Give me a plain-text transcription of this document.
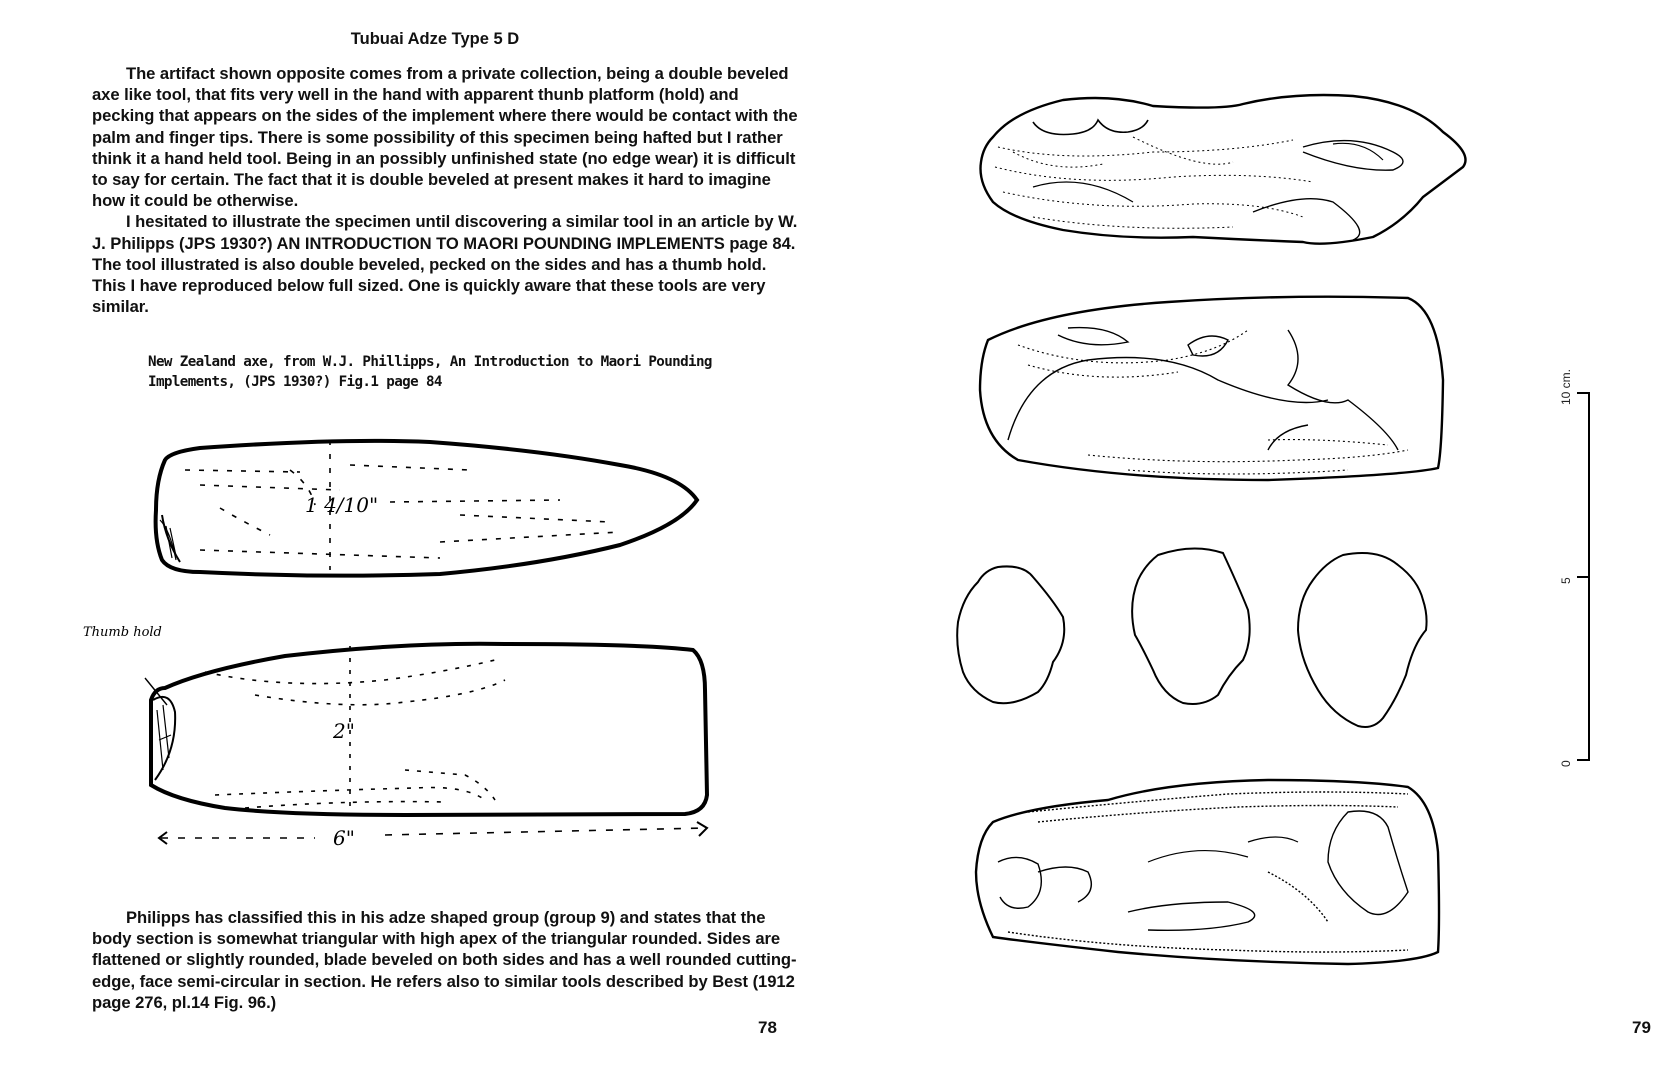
Tubuai Adze Type 5 D

The artifact shown opposite comes from a private collection, being a double beveled axe like tool, that fits very well in the hand with apparent thunb platform (hold) and pecking that appears on the sides of the implement where there would be contact with the palm and finger tips. There is some possibility of this specimen being hafted but I rather think it a hand held tool. Being in an possibly unfinished state (no edge wear) it is difficult to say for certain. The fact that it is double beveled at present makes it hard to imagine how it could be otherwise.

I hesitated to illustrate the specimen until discovering a similar tool in an article by W. J. Philipps (JPS 1930?) AN INTRODUCTION TO MAORI POUNDING IMPLEMENTS page 84. The tool illustrated is also double beveled, pecked on the sides and has a thumb hold. This I have reproduced below full sized. One is quickly aware that these tools are very similar.

New Zealand axe, from W.J. Phillipps, An Introduction to Maori Pounding
Implements, (JPS 1930?) Fig.1 page 84
1 4/10"
Thumb hold
2"
6"

Philipps has classified this in his adze shaped group (group 9) and states that the body section is somewhat triangular with high apex of the triangular rounded. Sides are flattened or slightly rounded, blade beveled on both sides and has a well rounded cutting-edge, face semi-circular in section. He refers also to similar tools described by Best (1912 page 276, pl.14 Fig. 96.)

78
10 cm.
5
0
79
